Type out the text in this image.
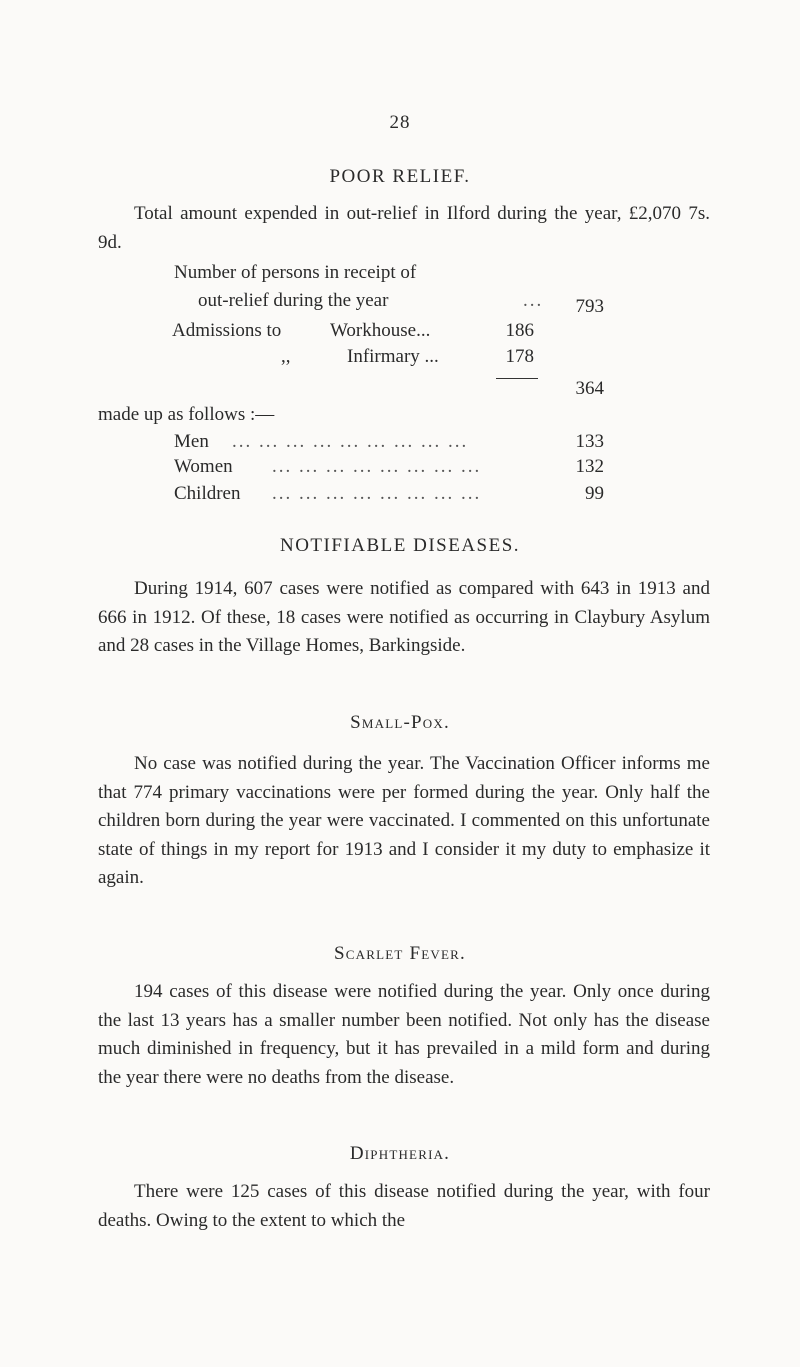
28
POOR RELIEF.
Total amount expended in out-relief in Ilford during the year, £2,070 7s. 9d.
Number of persons in receipt of
out-relief during the year	...	793
Admissions to	Workhouse...	186
,,	Infirmary ...	178
364
made up as follows :—
Men ... ... ... ... ... ... ... ... ...	133
Women ... ... ... ... ... ... ... ...	132
Children ... ... ... ... ... ... ... ...	99
NOTIFIABLE DISEASES.
During 1914, 607 cases were notified as compared with 643 in 1913 and 666 in 1912. Of these, 18 cases were notified as occurring in Claybury Asylum and 28 cases in the Village Homes, Barkingside.
Small-Pox.
No case was notified during the year. The Vaccination Officer informs me that 774 primary vaccinations were per formed during the year. Only half the children born during the year were vaccinated. I commented on this unfortunate state of things in my report for 1913 and I consider it my duty to emphasize it again.
Scarlet Fever.
194 cases of this disease were notified during the year. Only once during the last 13 years has a smaller number been notified. Not only has the disease much diminished in frequency, but it has prevailed in a mild form and during the year there were no deaths from the disease.
Diphtheria.
There were 125 cases of this disease notified during the year, with four deaths. Owing to the extent to which the
